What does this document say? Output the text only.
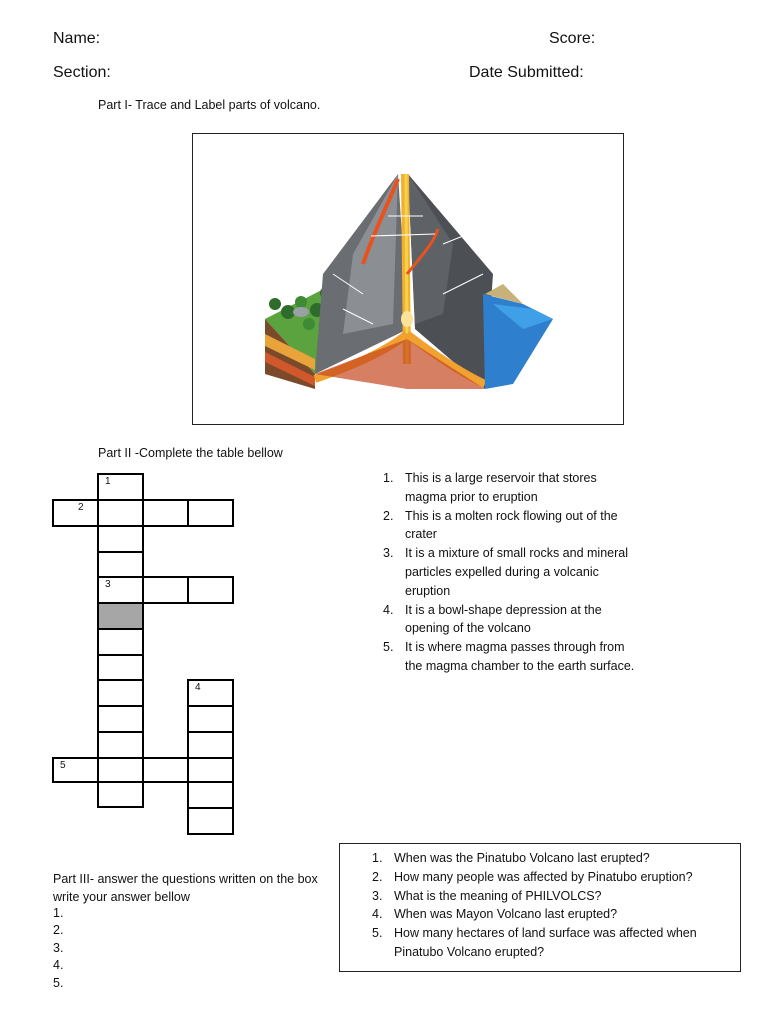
Name:	Score:
Section:	Date Submitted:
Part I- Trace and Label parts of volcano.
Part II -Complete the table bellow
1
2
3
5
4
1. This is a large reservoir that stores
magma prior to eruption
2. This is a molten rock flowing out of the
crater
3. It is a mixture of small rocks and mineral
particles expelled during a volcanic
eruption
4. It is a bowl-shape depression at the
opening of the volcano
5. It is where magma passes through from
the magma chamber to the earth surface.
Part III- answer the questions written on the box
write your answer bellow
1.
2.
3.
4.
5.
1. When was the Pinatubo Volcano last erupted?
2. How many people was affected by Pinatubo eruption?
3. What is the meaning of PHILVOLCS?
4. When was Mayon Volcano last erupted?
5. How many hectares of land surface was affected when
Pinatubo Volcano erupted?
